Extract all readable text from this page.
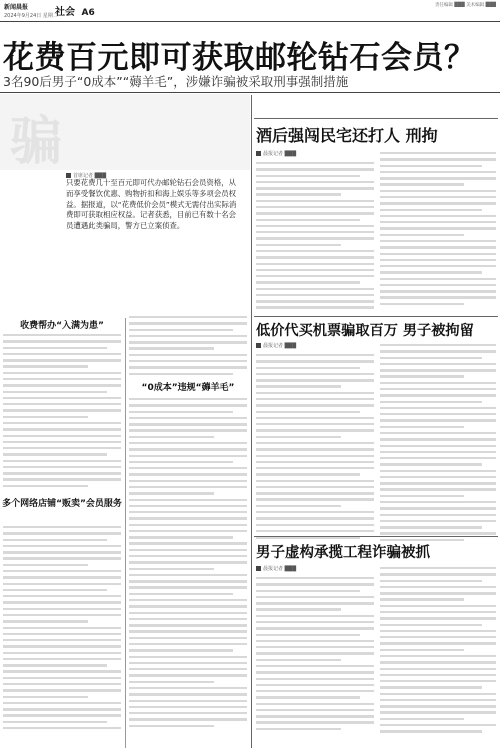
新闻晨报
2024年9月24日 星期二
社会 A6
责任编辑 ███ 美术编辑 ███
花费百元即可获取邮轮钻石会员？
3名90后男子“0成本”“薅羊毛”，涉嫌诈骗被采取刑事强制措施
骗
首席记者 ███
只要花费几十至百元即可代办邮轮钻石会员资格，从而享受餐饮优惠、购物折扣和海上娱乐等多项会员权益。据报道，以“花费低价会员”模式无需付出实际消费即可获取相应权益。记者获悉，目前已有数十名会员遭遇此类骗局，警方已立案侦查。
收费帮办“入满为患”
多个网络店铺“贩卖”会员服务
“0成本”违规“薅羊毛”
酒后强闯民宅还打人 刑拘
晨报记者 ███
低价代买机票骗取百万 男子被拘留
晨报记者 ███
男子虚构承揽工程诈骗被抓
晨报记者 ███
